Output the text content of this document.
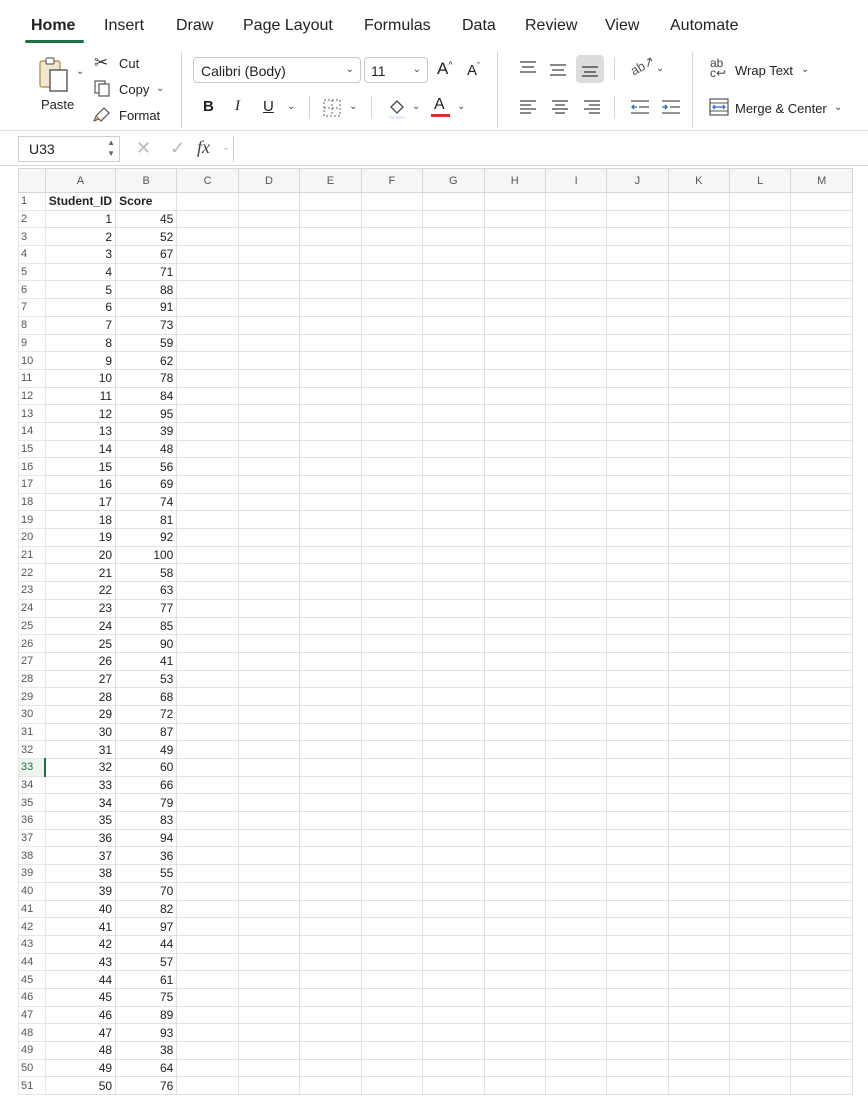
Home Insert Draw Page Layout Formulas Data Review View Automate
⌄
Paste
✂ Cut
Copy ⌄
Format
Calibri (Body)	⌄ 11	⌄ A^ $A^ˇ$
B I U ⌄	⌄	⌄ A ⌄
ab↗
⌄	ab
c↩ Wrap Text ⌄
Merge & Center ⌄
U33	▲
▼ ✕ ✓ fx ⌄
	A	B	C	D	E	F	G	H	I	J	K	L	M
1	Student_ID	Score											
2	1	45											
3	2	52											
4	3	67											
5	4	71											
6	5	88											
7	6	91											
8	7	73											
9	8	59											
10	9	62											
11	10	78											
12	11	84											
13	12	95											
14	13	39											
15	14	48											
16	15	56											
17	16	69											
18	17	74											
19	18	81											
20	19	92											
21	20	100											
22	21	58											
23	22	63											
24	23	77											
25	24	85											
26	25	90											
27	26	41											
28	27	53											
29	28	68											
30	29	72											
31	30	87											
32	31	49											
33	32	60											
34	33	66											
35	34	79											
36	35	83											
37	36	94											
38	37	36											
39	38	55											
40	39	70											
41	40	82											
42	41	97											
43	42	44											
44	43	57											
45	44	61											
46	45	75											
47	46	89											
48	47	93											
49	48	38											
50	49	64											
51	50	76											
